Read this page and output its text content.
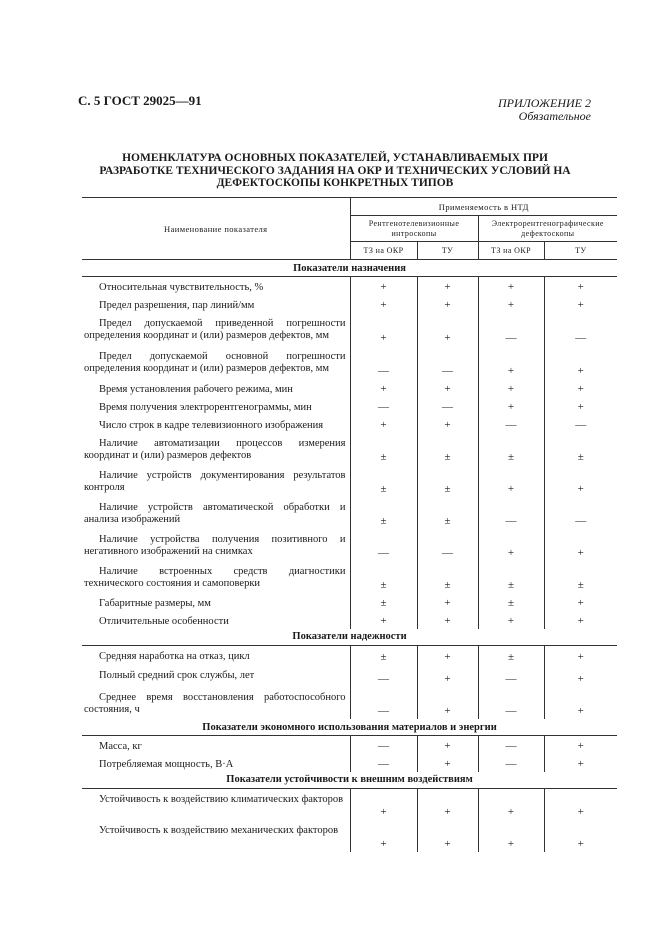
С. 5 ГОСТ 29025—91	ПРИЛОЖЕНИЕ 2
Обязательное
НОМЕНКЛАТУРА ОСНОВНЫХ ПОКАЗАТЕЛЕЙ, УСТАНАВЛИВАЕМЫХ ПРИ РАЗРАБОТКЕ ТЕХНИЧЕСКОГО ЗАДАНИЯ НА ОКР И ТЕХНИЧЕСКИХ УСЛОВИЙ НА ДЕФЕКТОСКОПЫ КОНКРЕТНЫХ ТИПОВ
Наименование показателя	Применяемость в НТД			
	Рентгенотелевизионные интроскопы		Электрорентгенографические дефектоскопы	
	ТЗ на ОКР	ТУ	ТЗ на ОКР	ТУ
Показатели назначения				
Относительная чувствительность, %	+	+	+	+
Предел разрешения, пар линий/мм	+	+	+	+
Предел допускаемой приведенной погрешности определения координат и (или) размеров дефектов, мм	+	+	—	—
Предел допускаемой основной погрешности определения координат и (или) размеров дефектов, мм	—	—	+	+
Время установления рабочего режима, мин	+	+	+	+
Время получения электрорентгенограммы, мин	—	—	+	+
Число строк в кадре телевизионного изображения	+	+	—	—
Наличие автоматизации процессов измерения координат и (или) размеров дефектов	±	±	±	±
Наличие устройств документирования результатов контроля	±	±	+	+
Наличие устройств автоматической обработки и анализа изображений	±	±	—	—
Наличие устройства получения позитивного и негативного изображений на снимках	—	—	+	+
Наличие встроенных средств диагностики технического состояния и самоповерки	±	±	±	±
Габаритные размеры, мм	±	+	±	+
Отличительные особенности	+	+	+	+
Показатели надежности				
Средняя наработка на отказ, цикл	±	+	±	+
Полный средний срок службы, лет	—	+	—	+
Среднее время восстановления работоспособного состояния, ч	—	+	—	+
Показатели экономного использования материалов и энергии				
Масса, кг	—	+	—	+
Потребляемая мощность, В·А	—	+	—	+
Показатели устойчивости к внешним воздействиям				
Устойчивость к воздействию климатических факторов	+	+	+	+
Устойчивость к воздействию механических факторов	+	+	+	+
